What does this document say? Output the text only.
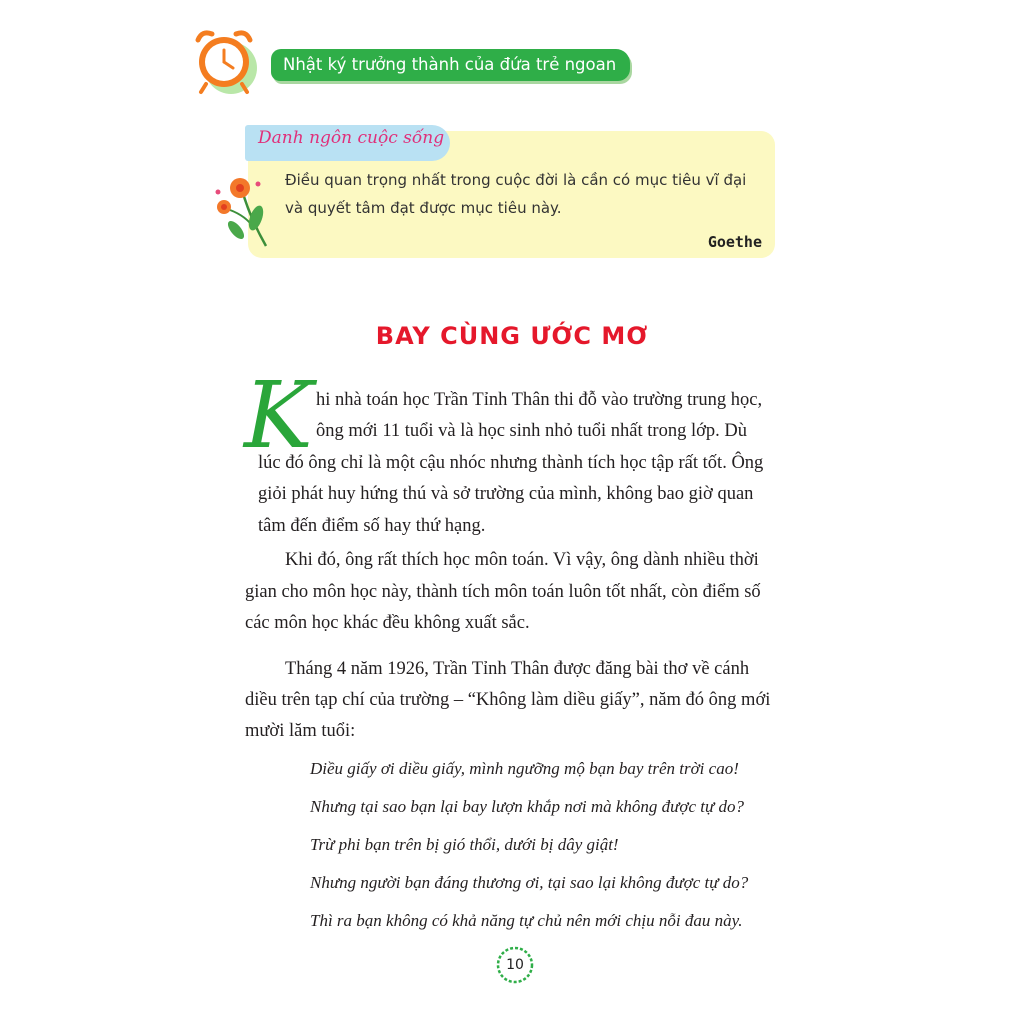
Nhật ký trưởng thành của đứa trẻ ngoan
Danh ngôn cuộc sống
Điều quan trọng nhất trong cuộc đời là cần có mục tiêu vĩ đại
và quyết tâm đạt được mục tiêu này.
Goethe
BAY CÙNG ƯỚC MƠ
K hi nhà toán học Trần Tỉnh Thân thi đỗ vào trường trung học,
ông mới 11 tuổi và là học sinh nhỏ tuổi nhất trong lớp. Dù
lúc đó ông chỉ là một cậu nhóc nhưng thành tích học tập rất tốt. Ông
giỏi phát huy hứng thú và sở trường của mình, không bao giờ quan
tâm đến điểm số hay thứ hạng.
Khi đó, ông rất thích học môn toán. Vì vậy, ông dành nhiều thời
gian cho môn học này, thành tích môn toán luôn tốt nhất, còn điểm số
các môn học khác đều không xuất sắc.
Tháng 4 năm 1926, Trần Tỉnh Thân được đăng bài thơ về cánh
diều trên tạp chí của trường – “Không làm diều giấy”, năm đó ông mới
mười lăm tuổi:
Diều giấy ơi diều giấy, mình ngưỡng mộ bạn bay trên trời cao!
Nhưng tại sao bạn lại bay lượn khắp nơi mà không được tự do?
Trừ phi bạn trên bị gió thổi, dưới bị dây giật!
Nhưng người bạn đáng thương ơi, tại sao lại không được tự do?
Thì ra bạn không có khả năng tự chủ nên mới chịu nỗi đau này.
10
